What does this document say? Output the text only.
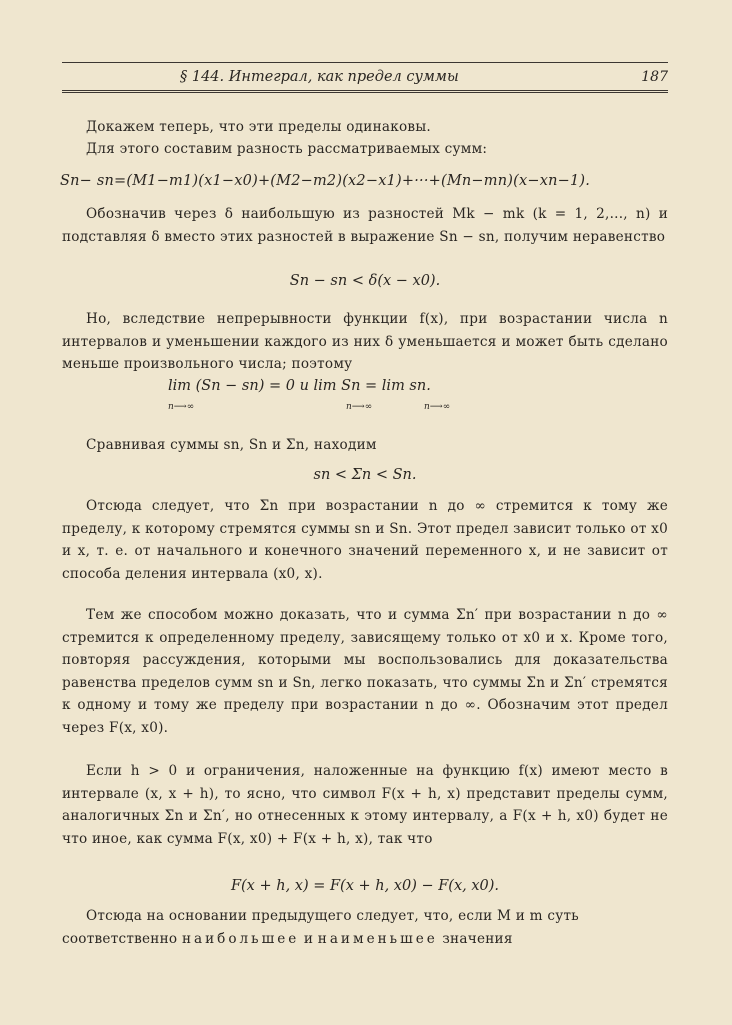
§ 144. Интеграл, как предел суммы	187

Докажем теперь, что эти пределы одинаковы.

Для этого составим разность рассматриваемых сумм:

Sn− sn=(M1−m1)(x1−x0)+(M2−m2)(x2−x1)+···+(Mn−mn)(x−xn−1).

Обозначив через δ наибольшую из разностей Mk − mk (k = 1, 2,..., n) и подставляя δ вместо этих разностей в выражение Sn − sn, получим неравенство

Sn − sn < δ(x − x0).

Но, вследствие непрерывности функции f(x), при возрастании числа n интервалов и уменьшении каждого из них δ уменьшается и может быть сделано меньше произвольного числа; поэтому

lim (Sn − sn) = 0 и lim Sn = lim sn.
n⟶∞	n⟶∞	n⟶∞

Сравнивая суммы sn, Sn и Σn, находим

sn < Σn < Sn.

Отсюда следует, что Σn при возрастании n до ∞ стремится к тому же пределу, к которому стремятся суммы sn и Sn. Этот предел зависит только от x0 и x, т. е. от начального и конечного значений переменного x, и не зависит от способа деления интервала (x0, x).

Тем же способом можно доказать, что и сумма Σn′ при возрастании n до ∞ стремится к определенному пределу, зависящему только от x0 и x. Кроме того, повторяя рассуждения, которыми мы воспользовались для доказательства равенства пределов сумм sn и Sn, легко показать, что суммы Σn и Σn′ стремятся к одному и тому же пределу при возрастании n до ∞. Обозначим этот предел через F(x, x0).

Если h > 0 и ограничения, наложенные на функцию f(x) имеют место в интервале (x, x + h), то ясно, что символ F(x + h, x) представит пределы сумм, аналогичных Σn и Σn′, но отнесенных к этому интервалу, а F(x + h, x0) будет не что иное, как сумма F(x, x0) + F(x + h, x), так что

F(x + h, x) = F(x + h, x0) − F(x, x0).

Отсюда на основании предыдущего следует, что, если M и m суть соответственно наибольшее и наименьшее значения
